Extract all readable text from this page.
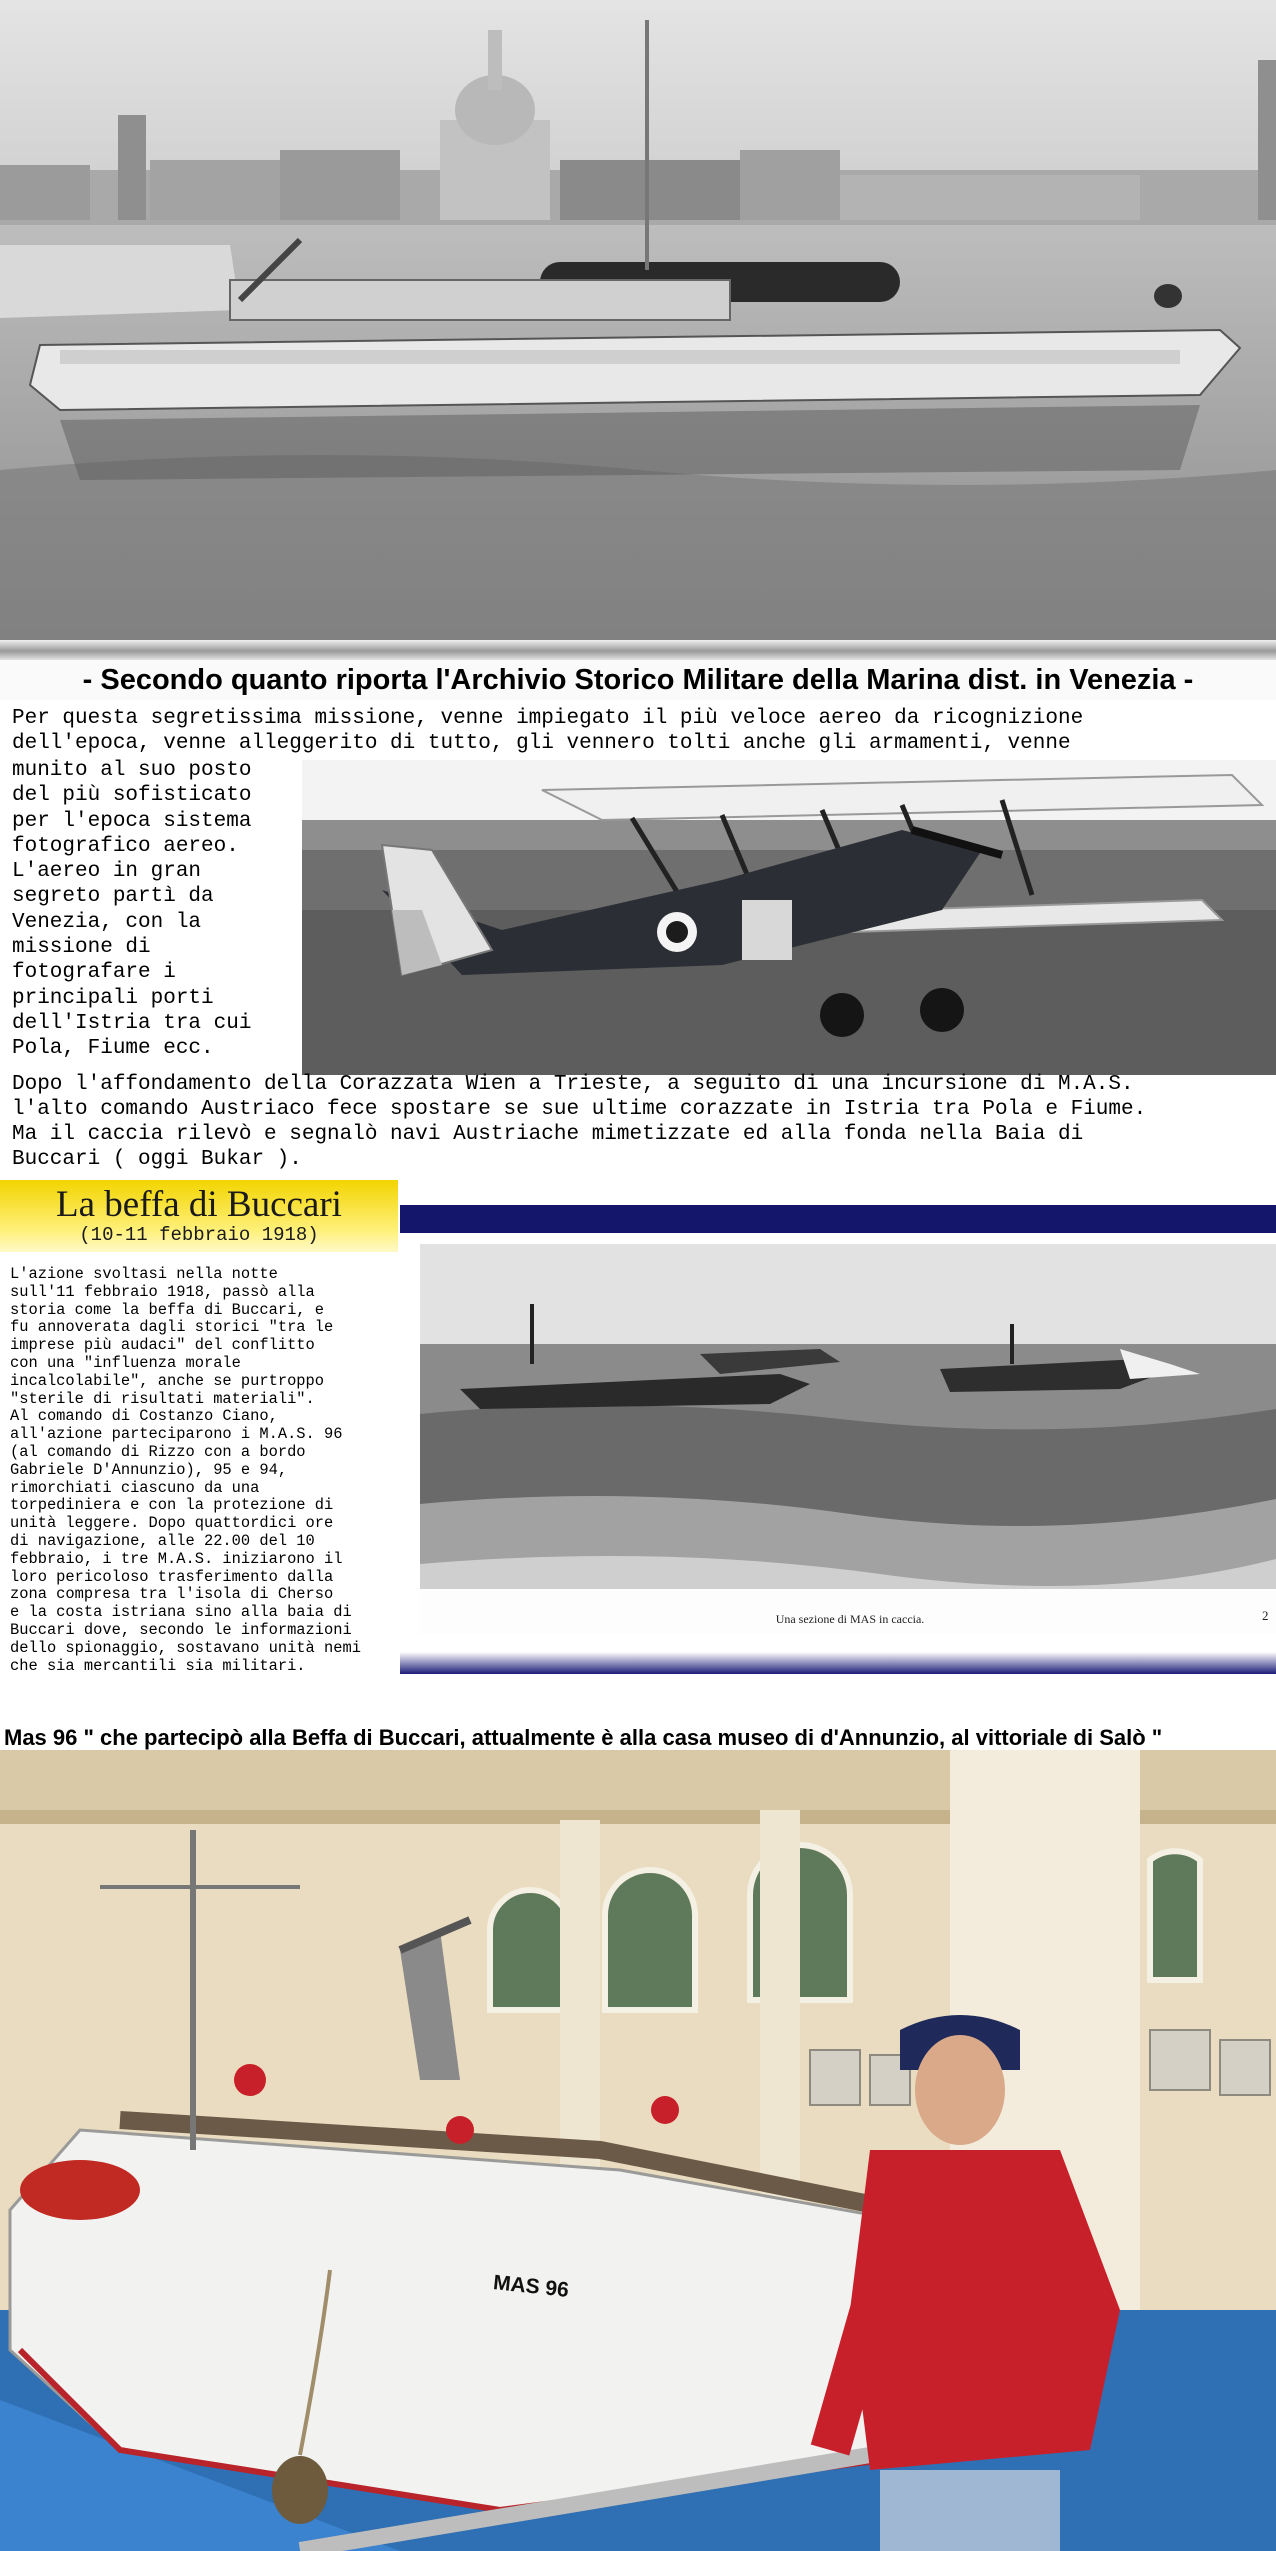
- Secondo quanto riporta l'Archivio Storico Militare della Marina dist. in Venezia -
Per questa segretissima missione, venne impiegato il più veloce aereo da ricognizione
dell'epoca, venne alleggerito di tutto, gli vennero tolti anche gli armamenti, venne
munito al suo posto
del più sofisticato
per l'epoca sistema
fotografico aereo.
L'aereo in gran
segreto partì da
Venezia, con la
missione di
fotografare i
principali porti
dell'Istria tra cui
Pola, Fiume ecc.
Dopo l'affondamento della Corazzata Wien a Trieste, a seguito di una incursione di M.A.S.
l'alto comando Austriaco fece spostare se sue ultime corazzate in Istria tra Pola e Fiume.
Ma il caccia rilevò e segnalò navi Austriache mimetizzate ed alla fonda nella Baia di
Buccari ( oggi Bukar ).
La beffa di Buccari
(10-11 febbraio 1918)
L'azione svoltasi nella notte
sull'11 febbraio 1918, passò alla
storia come la beffa di Buccari, e
fu annoverata dagli storici "tra le
imprese più audaci" del conflitto
con una "influenza morale
incalcolabile", anche se purtroppo
"sterile di risultati materiali".
Al comando di Costanzo Ciano,
all'azione parteciparono i M.A.S. 96
(al comando di Rizzo con a bordo
Gabriele D'Annunzio), 95 e 94,
rimorchiati ciascuno da una
torpediniera e con la protezione di
unità leggere. Dopo quattordici ore
di navigazione, alle 22.00 del 10
febbraio, i tre M.A.S. iniziarono il
loro pericoloso trasferimento dalla
zona compresa tra l'isola di Cherso
e la costa istriana sino alla baia di
Buccari dove, secondo le informazioni
dello spionaggio, sostavano unità nemi
che sia mercantili sia militari.
Una sezione di MAS in caccia.	2
Mas 96 " che partecipò alla Beffa di Buccari, attualmente è alla casa museo di d'Annunzio, al vittoriale di Salò "
MAS 96
